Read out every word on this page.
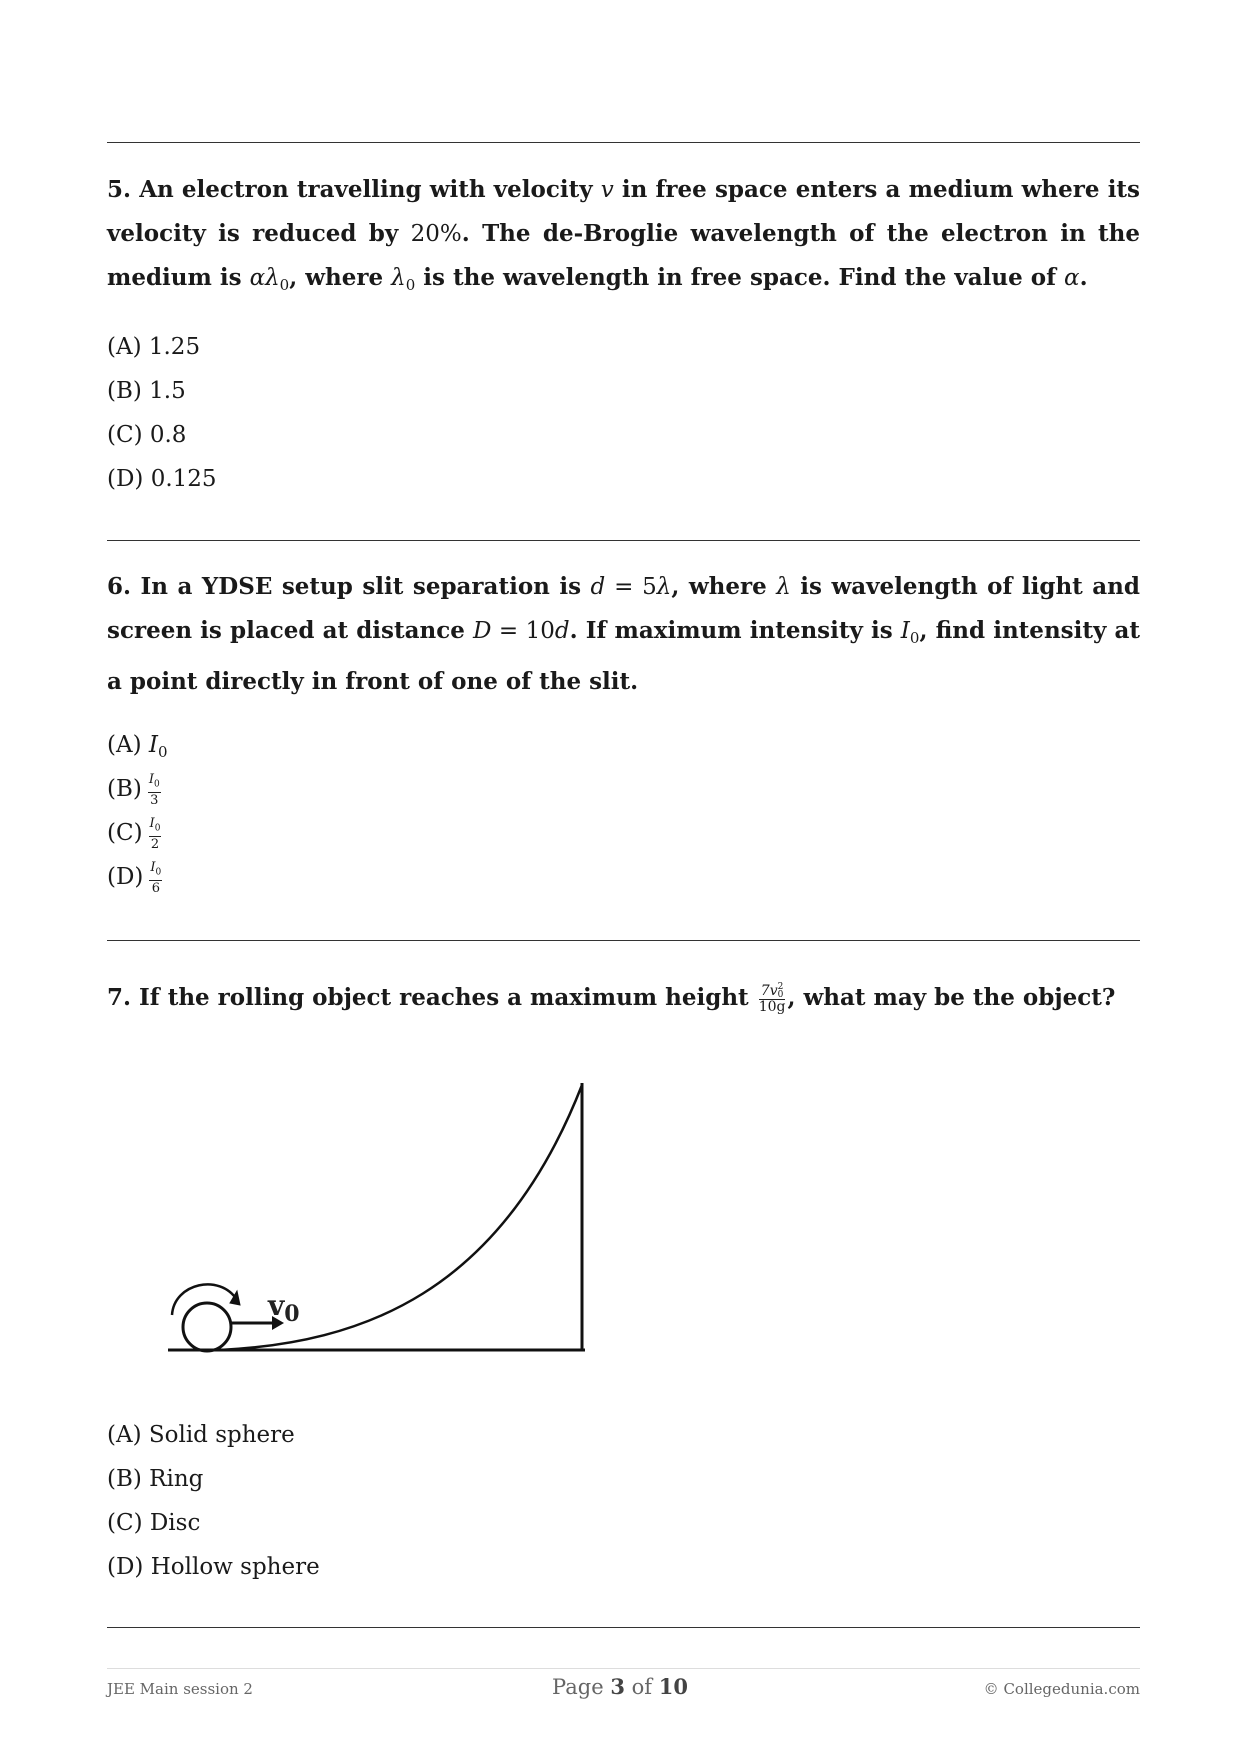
5. An electron travelling with velocity v in free space enters a medium where its velocity is reduced by 20%. The de-Broglie wavelength of the electron in the medium is $\alpha\lambda_0$, where $\lambda_0$ is the wavelength in free space. Find the value of α.
(A) 1.25
(B) 1.5
(C) 0.8
(D) 0.125
6. In a YDSE setup slit separation is d = 5λ, where λ is wavelength of light and screen is placed at distance D = 10d. If maximum intensity is $I_0$, find intensity at a point directly in front of one of the slit.
(A) $I_0$
$(B) \frac{I_0}{3}$
$(C) \frac{I_0}{2}$
$(D) \frac{I_0}{6}$
7. If the rolling object reaches a maximum height 7v 2
0
10g , what may be the object?
$v_0$
(A) Solid sphere
(B) Ring
(C) Disc
(D) Hollow sphere
JEE Main session 2	Page 3 of 10	© Collegedunia.com
